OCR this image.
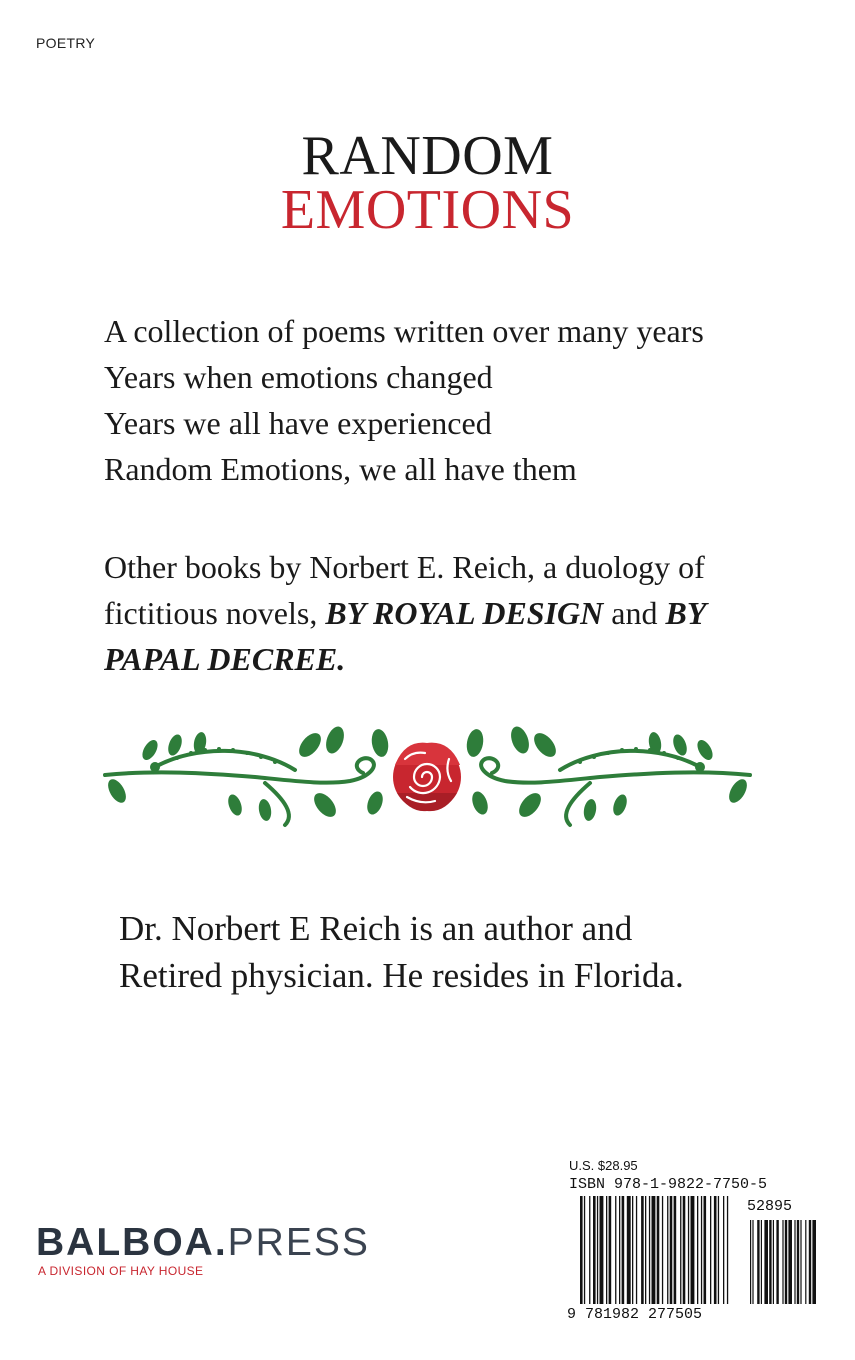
POETRY
RANDOM
EMOTIONS
A collection of poems written over many years
Years when emotions changed
Years we all have experienced
Random Emotions, we all have them
Other books by Norbert E. Reich, a duology of fictitious novels, BY ROYAL DESIGN and BY PAPAL DECREE.
Dr. Norbert E Reich is an author and
Retired physician. He resides in Florida.
BALBOA.PRESS
A DIVISION OF HAY HOUSE
U.S. $28.95
ISBN 978-1-9822-7750-5
52895
9 781982 277505
